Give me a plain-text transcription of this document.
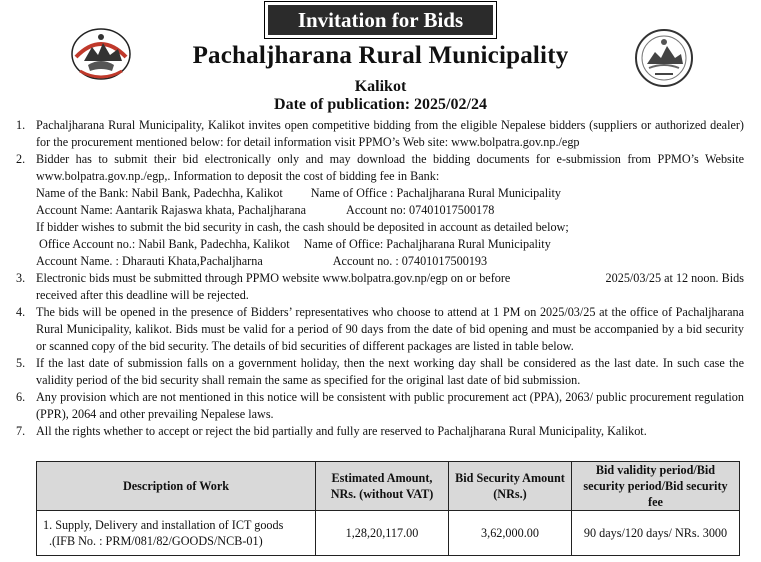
Invitation for Bids
Pachaljharana Rural Municipality
Kalikot
Date of publication: 2025/02/24
1. Pachaljharana Rural Municipality, Kalikot invites open competitive bidding from the eligible Nepalese bidders (suppliers or authorized dealer) for the procurement mentioned below: for detail information visit PPMO’s Web site: www.bolpatra.gov.np./egp
2. Bidder has to submit their bid electronically only and may download the bidding documents for e-submission from PPMO’s Website www.bolpatra.gov.np./egp,. Information to deposit the cost of bidding fee in Bank:
Name of the Bank: Nabil Bank, Padechha, Kalikot Name of Office : Pachaljharana Rural Municipality
Account Name: Aantarik Rajaswa khata, Pachaljharana	Account no: 07401017500178
If bidder wishes to submit the bid security in cash, the cash should be deposited in account as detailed below;
Office Account no.: Nabil Bank, Padechha, Kalikot Name of Office: Pachaljharana Rural Municipality
Account Name. : Dharauti Khata,Pachaljharna	Account no. : 07401017500193
3. Electronic bids must be submitted through PPMO website www.bolpatra.gov.np/egp on or before	2025/03/25 at 12 noon. Bids
received after this deadline will be rejected.
4. The bids will be opened in the presence of Bidders’ representatives who choose to attend at 1 PM on 2025/03/25 at the office of Pachaljharana Rural Municipality, kalikot. Bids must be valid for a period of 90 days from the date of bid opening and must be accompanied by a bid security or scanned copy of the bid security. The details of bid securities of different packages are listed in table below.
5. If the last date of submission falls on a government holiday, then the next working day shall be considered as the last date. In such case the validity period of the bid security shall remain the same as specified for the original last date of bid submission.
6. Any provision which are not mentioned in this notice will be consistent with public procurement act (PPA), 2063/ public procurement regulation (PPR), 2064 and other prevailing Nepalese laws.
7. All the rights whether to accept or reject the bid partially and fully are reserved to Pachaljharana Rural Municipality, Kalikot.
Description of Work	Estimated Amount, NRs. (without VAT)	Bid Security Amount (NRs.)	Bid validity period/Bid security period/Bid security fee

1. Supply, Delivery and installation of ICT goods
.(IFB No. : PRM/081/82/GOODS/NCB-01)	1,28,20,117.00	3,62,000.00	90 days/120 days/ NRs. 3000
